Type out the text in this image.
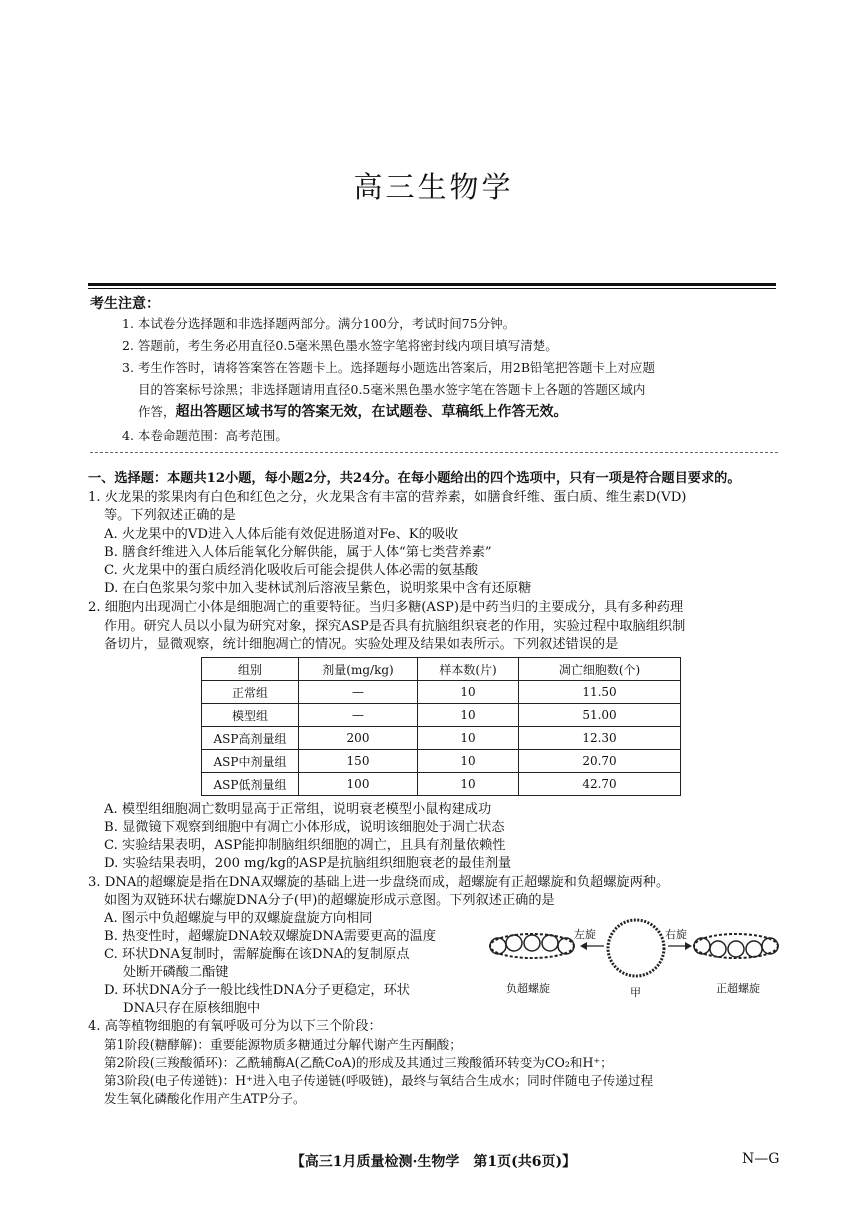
高三生物学
考生注意：
1. 本试卷分选择题和非选择题两部分。满分100分，考试时间75分钟。
2. 答题前，考生务必用直径0.5毫米黑色墨水签字笔将密封线内项目填写清楚。
3. 考生作答时，请将答案答在答题卡上。选择题每小题选出答案后，用2B铅笔把答题卡上对应题
目的答案标号涂黑；非选择题请用直径0.5毫米黑色墨水签字笔在答题卡上各题的答题区域内
作答，超出答题区域书写的答案无效，在试题卷、草稿纸上作答无效。
4. 本卷命题范围：高考范围。
一、选择题：本题共12小题，每小题2分，共24分。在每小题给出的四个选项中，只有一项是符合题目要求的。
1. 火龙果的浆果肉有白色和红色之分，火龙果含有丰富的营养素，如膳食纤维、蛋白质、维生素D(VD)
等。下列叙述正确的是
A. 火龙果中的VD进入人体后能有效促进肠道对Fe、K的吸收
B. 膳食纤维进入人体后能氧化分解供能，属于人体“第七类营养素”
C. 火龙果中的蛋白质经消化吸收后可能会提供人体必需的氨基酸
D. 在白色浆果匀浆中加入斐林试剂后溶液呈紫色，说明浆果中含有还原糖
2. 细胞内出现凋亡小体是细胞凋亡的重要特征。当归多糖(ASP)是中药当归的主要成分，具有多种药理
作用。研究人员以小鼠为研究对象，探究ASP是否具有抗脑组织衰老的作用，实验过程中取脑组织制
备切片，显微观察，统计细胞凋亡的情况。实验处理及结果如表所示。下列叙述错误的是
组别	剂量(mg/kg)	样本数(片)	凋亡细胞数(个)
正常组	—	10	11.50
模型组	—	10	51.00
ASP高剂量组	200	10	12.30
ASP中剂量组	150	10	20.70
ASP低剂量组	100	10	42.70
A. 模型组细胞凋亡数明显高于正常组，说明衰老模型小鼠构建成功
B. 显微镜下观察到细胞中有凋亡小体形成，说明该细胞处于凋亡状态
C. 实验结果表明，ASP能抑制脑组织细胞的凋亡，且具有剂量依赖性
D. 实验结果表明，200 mg/kg的ASP是抗脑组织细胞衰老的最佳剂量
3. DNA的超螺旋是指在DNA双螺旋的基础上进一步盘绕而成，超螺旋有正超螺旋和负超螺旋两种。
如图为双链环状右螺旋DNA分子(甲)的超螺旋形成示意图。下列叙述正确的是
A. 图示中负超螺旋与甲的双螺旋盘旋方向相同
B. 热变性时，超螺旋DNA较双螺旋DNA需要更高的温度
C. 环状DNA复制时，需解旋酶在该DNA的复制原点
处断开磷酸二酯键
D. 环状DNA分子一般比线性DNA分子更稳定，环状
DNA只存在原核细胞中
左旋	右旋
负超螺旋	甲	正超螺旋
4. 高等植物细胞的有氧呼吸可分为以下三个阶段：
第1阶段(糖酵解)：重要能源物质多糖通过分解代谢产生丙酮酸；
第2阶段(三羧酸循环)：乙酰辅酶A(乙酰CoA)的形成及其通过三羧酸循环转变为CO₂和H⁺；
第3阶段(电子传递链)：H⁺进入电子传递链(呼吸链)，最终与氧结合生成水；同时伴随电子传递过程
发生氧化磷酸化作用产生ATP分子。
【高三1月质量检测·生物学　第1页(共6页)】	N—G
